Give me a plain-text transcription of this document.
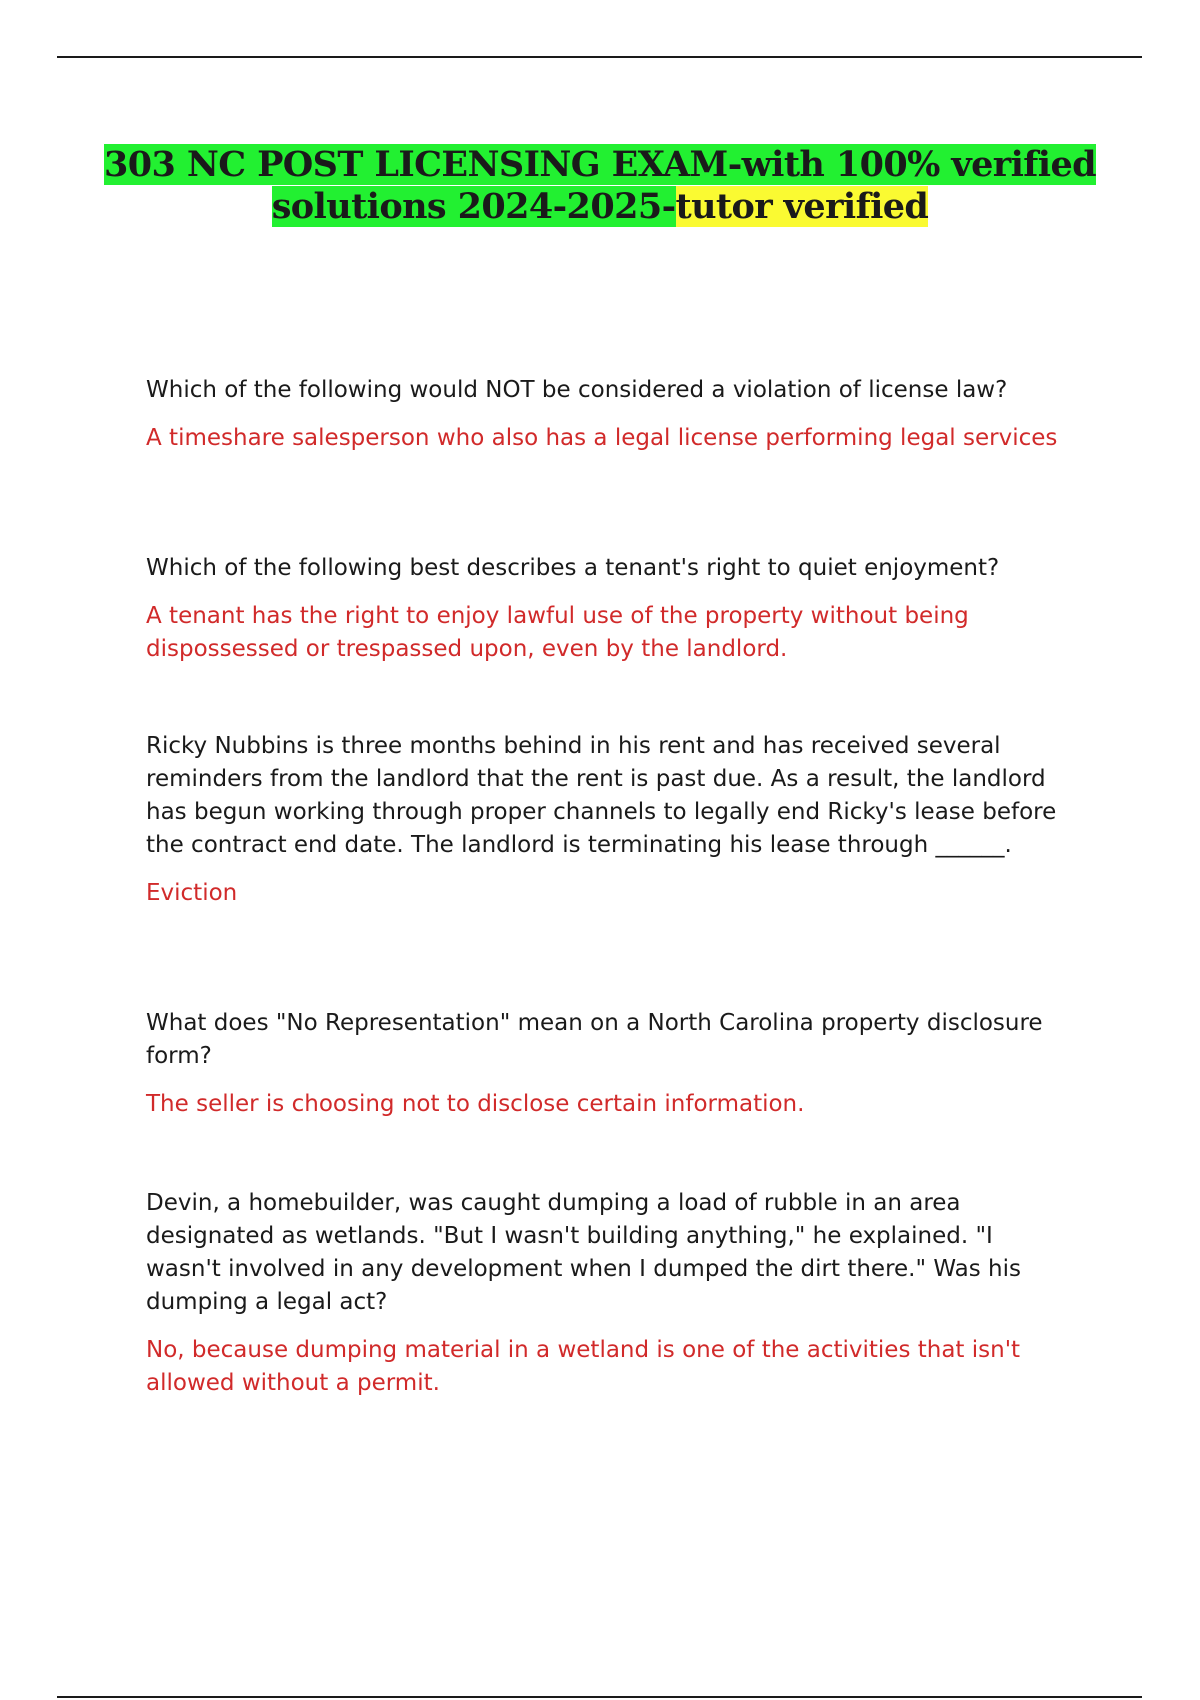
303 NC POST LICENSING EXAM-with 100% verified
solutions 2024-2025-tutor verified

Which of the following would NOT be considered a violation of license law?

A timeshare salesperson who also has a legal license performing legal services

Which of the following best describes a tenant's right to quiet enjoyment?

A tenant has the right to enjoy lawful use of the property without being dispossessed or trespassed upon, even by the landlord.

Ricky Nubbins is three months behind in his rent and has received several reminders from the landlord that the rent is past due. As a result, the landlord has begun working through proper channels to legally end Ricky's lease before the contract end date. The landlord is terminating his lease through ______.

Eviction

What does "No Representation" mean on a North Carolina property disclosure form?

The seller is choosing not to disclose certain information.

Devin, a homebuilder, was caught dumping a load of rubble in an area designated as wetlands. "But I wasn't building anything," he explained. "I wasn't involved in any development when I dumped the dirt there." Was his dumping a legal act?

No, because dumping material in a wetland is one of the activities that isn't allowed without a permit.
